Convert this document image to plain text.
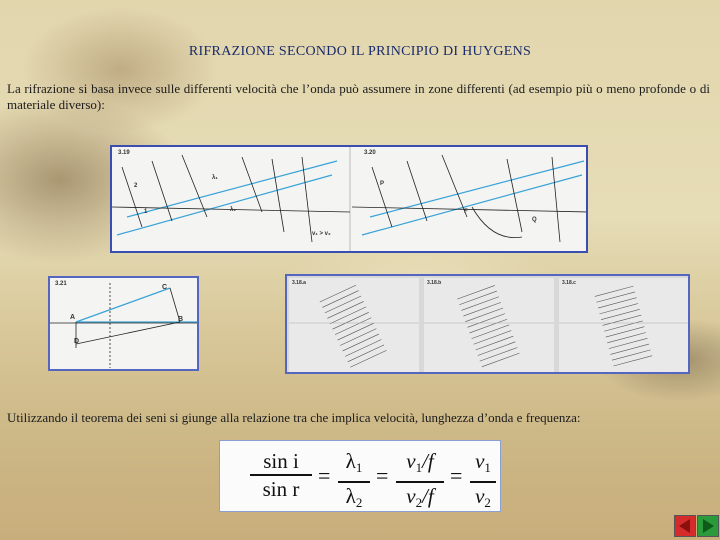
RIFRAZIONE SECONDO IL PRINCIPIO DI HUYGENS
La rifrazione si basa invece sulle differenti velocità che l’onda può assumere in zone differenti (ad esempio più o meno profonde o di materiale diverso):
3.19	3.20
2
1
λ₁
λ₂
v₁ > v₂
P
F
Q
3.21
A	B
C
D
3.18.a	3.18.b	3.18.c
Utilizzando il teorema dei seni si giunge alla relazione tra che implica velocità, lunghezza d’onda e frequenza:
sin i
sin r
=
$\lambda_1$
$\lambda_2$
=
$v_1/f$
$v_2/f$
=
$v_1$
$v_2$
